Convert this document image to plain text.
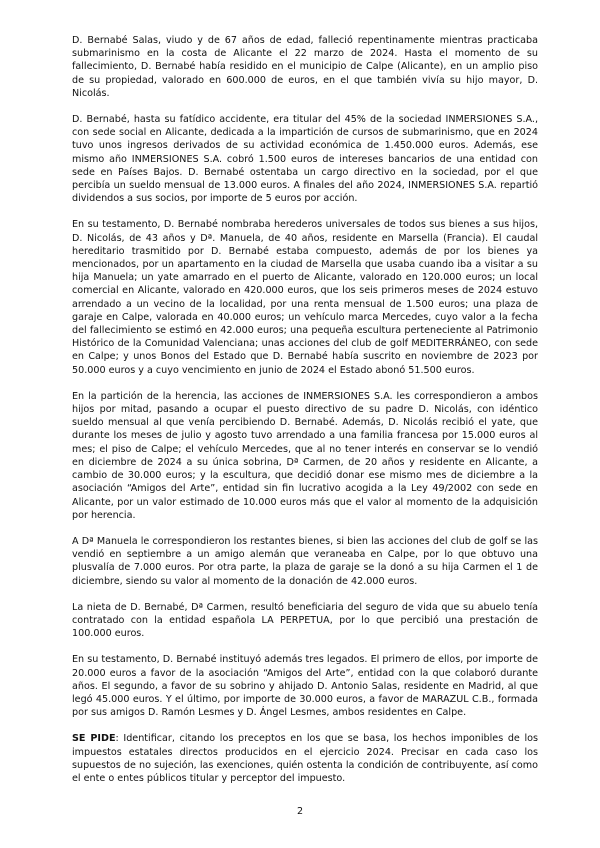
D. Bernabé Salas, viudo y de 67 años de edad, falleció repentinamente mientras practicaba submarinismo en la costa de Alicante el 22 marzo de 2024. Hasta el momento de su fallecimiento, D. Bernabé había residido en el municipio de Calpe (Alicante), en un amplio piso de su propiedad, valorado en 600.000 de euros, en el que también vivía su hijo mayor, D. Nicolás.

D. Bernabé, hasta su fatídico accidente, era titular del 45% de la sociedad INMERSIONES S.A., con sede social en Alicante, dedicada a la impartición de cursos de submarinismo, que en 2024 tuvo unos ingresos derivados de su actividad económica de 1.450.000 euros. Además, ese mismo año INMERSIONES S.A. cobró 1.500 euros de intereses bancarios de una entidad con sede en Países Bajos. D. Bernabé ostentaba un cargo directivo en la sociedad, por el que percibía un sueldo mensual de 13.000 euros. A finales del año 2024, INMERSIONES S.A. repartió dividendos a sus socios, por importe de 5 euros por acción.

En su testamento, D. Bernabé nombraba herederos universales de todos sus bienes a sus hijos, D. Nicolás, de 43 años y Dª. Manuela, de 40 años, residente en Marsella (Francia). El caudal hereditario trasmitido por D. Bernabé estaba compuesto, además de por los bienes ya mencionados, por un apartamento en la ciudad de Marsella que usaba cuando iba a visitar a su hija Manuela; un yate amarrado en el puerto de Alicante, valorado en 120.000 euros; un local comercial en Alicante, valorado en 420.000 euros, que los seis primeros meses de 2024 estuvo arrendado a un vecino de la localidad, por una renta mensual de 1.500 euros; una plaza de garaje en Calpe, valorada en 40.000 euros; un vehículo marca Mercedes, cuyo valor a la fecha del fallecimiento se estimó en 42.000 euros; una pequeña escultura perteneciente al Patrimonio Histórico de la Comunidad Valenciana; unas acciones del club de golf MEDITERRÁNEO, con sede en Calpe; y unos Bonos del Estado que D. Bernabé había suscrito en noviembre de 2023 por 50.000 euros y a cuyo vencimiento en junio de 2024 el Estado abonó 51.500 euros.

En la partición de la herencia, las acciones de INMERSIONES S.A. les correspondieron a ambos hijos por mitad, pasando a ocupar el puesto directivo de su padre D. Nicolás, con idéntico sueldo mensual al que venía percibiendo D. Bernabé. Además, D. Nicolás recibió el yate, que durante los meses de julio y agosto tuvo arrendado a una familia francesa por 15.000 euros al mes; el piso de Calpe; el vehículo Mercedes, que al no tener interés en conservar se lo vendió en diciembre de 2024 a su única sobrina, Dª Carmen, de 20 años y residente en Alicante, a cambio de 30.000 euros; y la escultura, que decidió donar ese mismo mes de diciembre a la asociación “Amigos del Arte”, entidad sin fin lucrativo acogida a la Ley 49/2002 con sede en Alicante, por un valor estimado de 10.000 euros más que el valor al momento de la adquisición por herencia.

A Dª Manuela le correspondieron los restantes bienes, si bien las acciones del club de golf se las vendió en septiembre a un amigo alemán que veraneaba en Calpe, por lo que obtuvo una plusvalía de 7.000 euros. Por otra parte, la plaza de garaje se la donó a su hija Carmen el 1 de diciembre, siendo su valor al momento de la donación de 42.000 euros.

La nieta de D. Bernabé, Dª Carmen, resultó beneficiaria del seguro de vida que su abuelo tenía contratado con la entidad española LA PERPETUA, por lo que percibió una prestación de 100.000 euros.

En su testamento, D. Bernabé instituyó además tres legados. El primero de ellos, por importe de 20.000 euros a favor de la asociación “Amigos del Arte”, entidad con la que colaboró durante años. El segundo, a favor de su sobrino y ahijado D. Antonio Salas, residente en Madrid, al que legó 45.000 euros. Y el último, por importe de 30.000 euros, a favor de MARAZUL C.B., formada por sus amigos D. Ramón Lesmes y D. Ángel Lesmes, ambos residentes en Calpe.

SE PIDE: Identificar, citando los preceptos en los que se basa, los hechos imponibles de los impuestos estatales directos producidos en el ejercicio 2024. Precisar en cada caso los supuestos de no sujeción, las exenciones, quién ostenta la condición de contribuyente, así como el ente o entes públicos titular y perceptor del impuesto.

2
